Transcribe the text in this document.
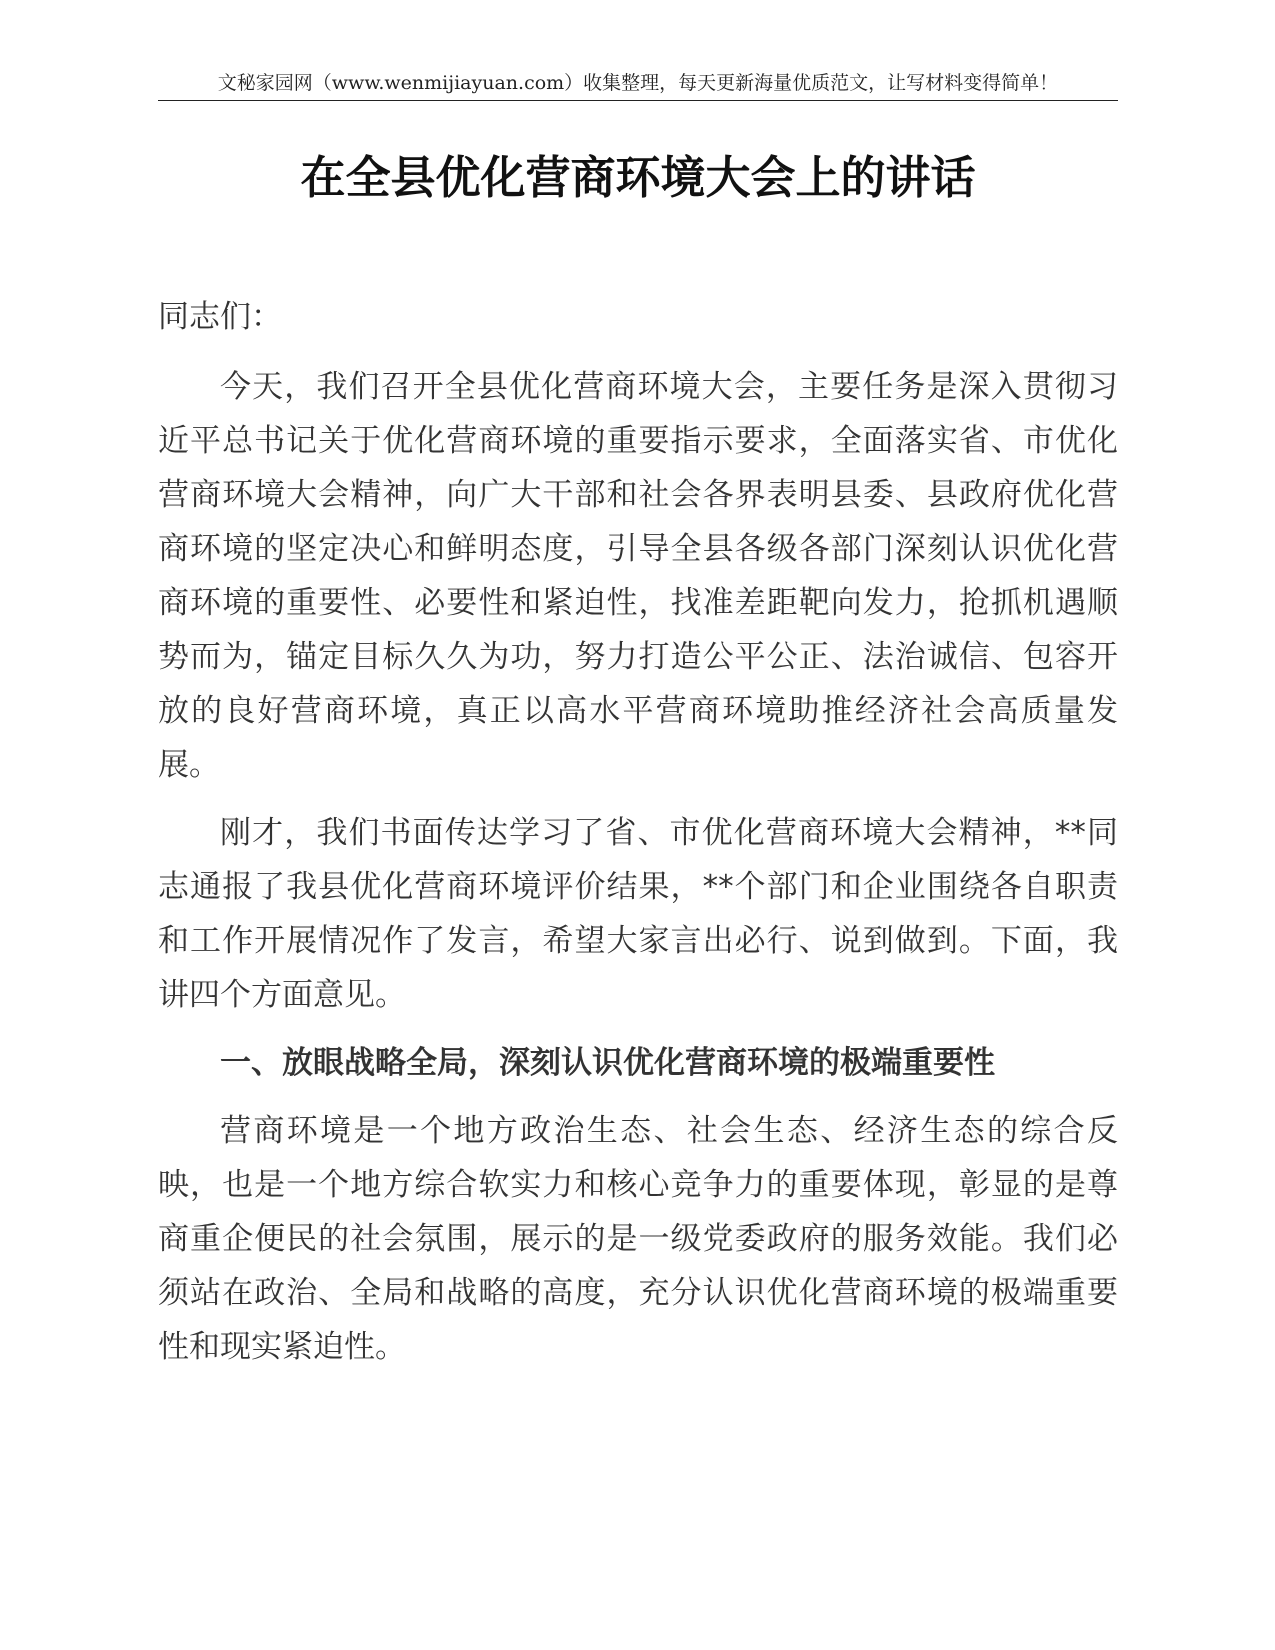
文秘家园网（www.wenmijiayuan.com）收集整理，每天更新海量优质范文，让写材料变得简单！
在全县优化营商环境大会上的讲话

同志们：

今天，我们召开全县优化营商环境大会，主要任务是深入贯彻习近平总书记关于优化营商环境的重要指示要求，全面落实省、市优化营商环境大会精神，向广大干部和社会各界表明县委、县政府优化营商环境的坚定决心和鲜明态度，引导全县各级各部门深刻认识优化营商环境的重要性、必要性和紧迫性，找准差距靶向发力，抢抓机遇顺势而为，锚定目标久久为功，努力打造公平公正、法治诚信、包容开放的良好营商环境，真正以高水平营商环境助推经济社会高质量发展。

刚才，我们书面传达学习了省、市优化营商环境大会精神，**同志通报了我县优化营商环境评价结果，**个部门和企业围绕各自职责和工作开展情况作了发言，希望大家言出必行、说到做到。下面，我讲四个方面意见。

一、放眼战略全局，深刻认识优化营商环境的极端重要性

营商环境是一个地方政治生态、社会生态、经济生态的综合反映，也是一个地方综合软实力和核心竞争力的重要体现，彰显的是尊商重企便民的社会氛围，展示的是一级党委政府的服务效能。我们必须站在政治、全局和战略的高度，充分认识优化营商环境的极端重要性和现实紧迫性。
